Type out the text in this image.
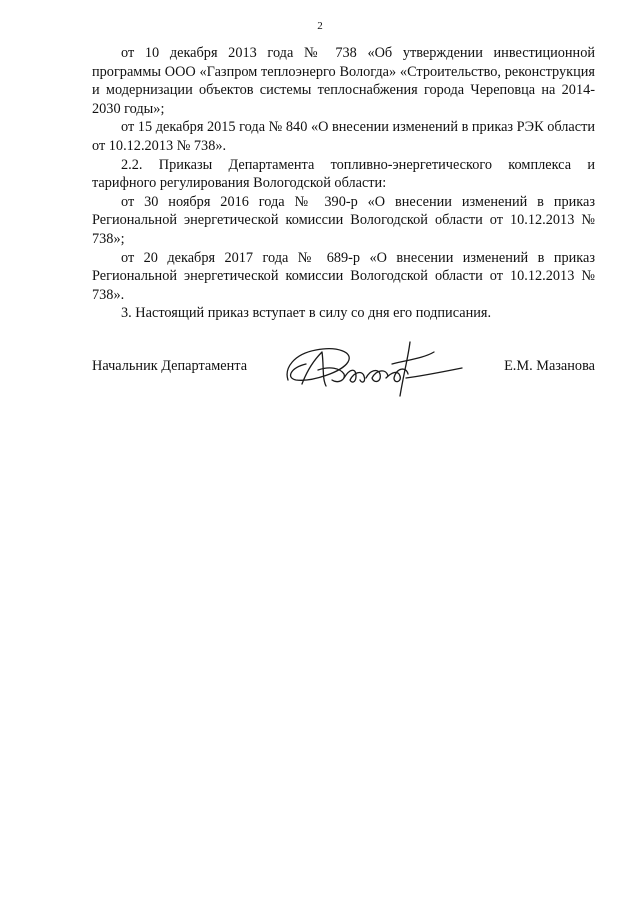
2

от 10 декабря 2013 года № 738 «Об утверждении инвестиционной программы ООО «Газпром теплоэнерго Вологда» «Строительство, реконструкция и модернизации объектов системы теплоснабжения города Череповца на 2014-2030 годы»;

от 15 декабря 2015 года № 840 «О внесении изменений в приказ РЭК области от 10.12.2013 № 738».

2.2. Приказы Департамента топливно-энергетического комплекса и тарифного регулирования Вологодской области:

от 30 ноября 2016 года № 390-р «О внесении изменений в приказ Региональной энергетической комиссии Вологодской области от 10.12.2013 № 738»;

от 20 декабря 2017 года № 689-р «О внесении изменений в приказ Региональной энергетической комиссии Вологодской области от 10.12.2013 № 738».

3. Настоящий приказ вступает в силу со дня его подписания.

Начальник Департамента	Е.М. Мазанова
